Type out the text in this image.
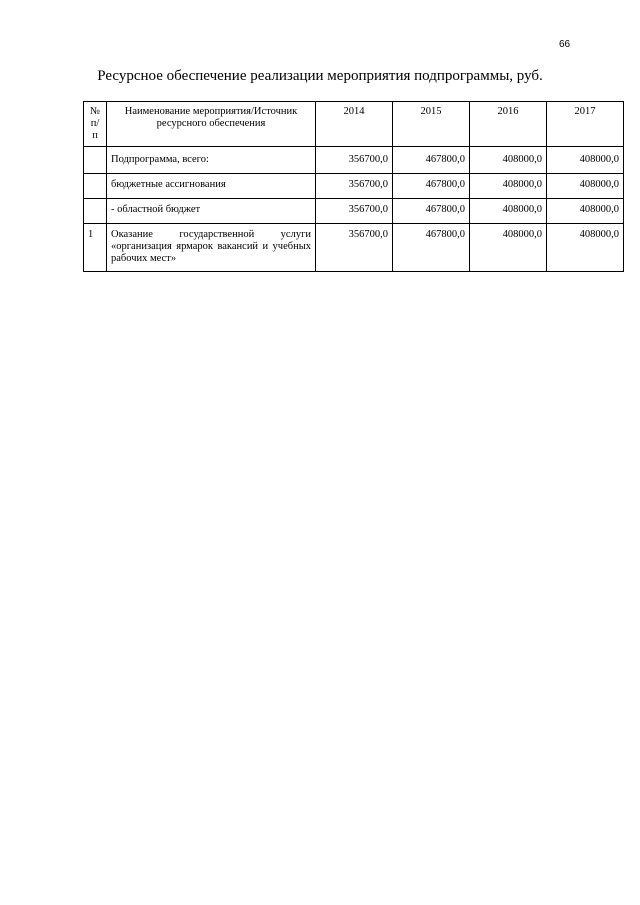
66
Ресурсное обеспечение реализации мероприятия подпрограммы, руб.
№ п/п	Наименование мероприятия/Источник ресурсного обеспечения	2014	2015	2016	2017
	Подпрограмма, всего:	356700,0	467800,0	408000,0	408000,0
	бюджетные ассигнования	356700,0	467800,0	408000,0	408000,0
	- областной бюджет	356700,0	467800,0	408000,0	408000,0
1	Оказание государственной услуги «организация ярмарок вакансий и учебных рабочих мест»	356700,0	467800,0	408000,0	408000,0
